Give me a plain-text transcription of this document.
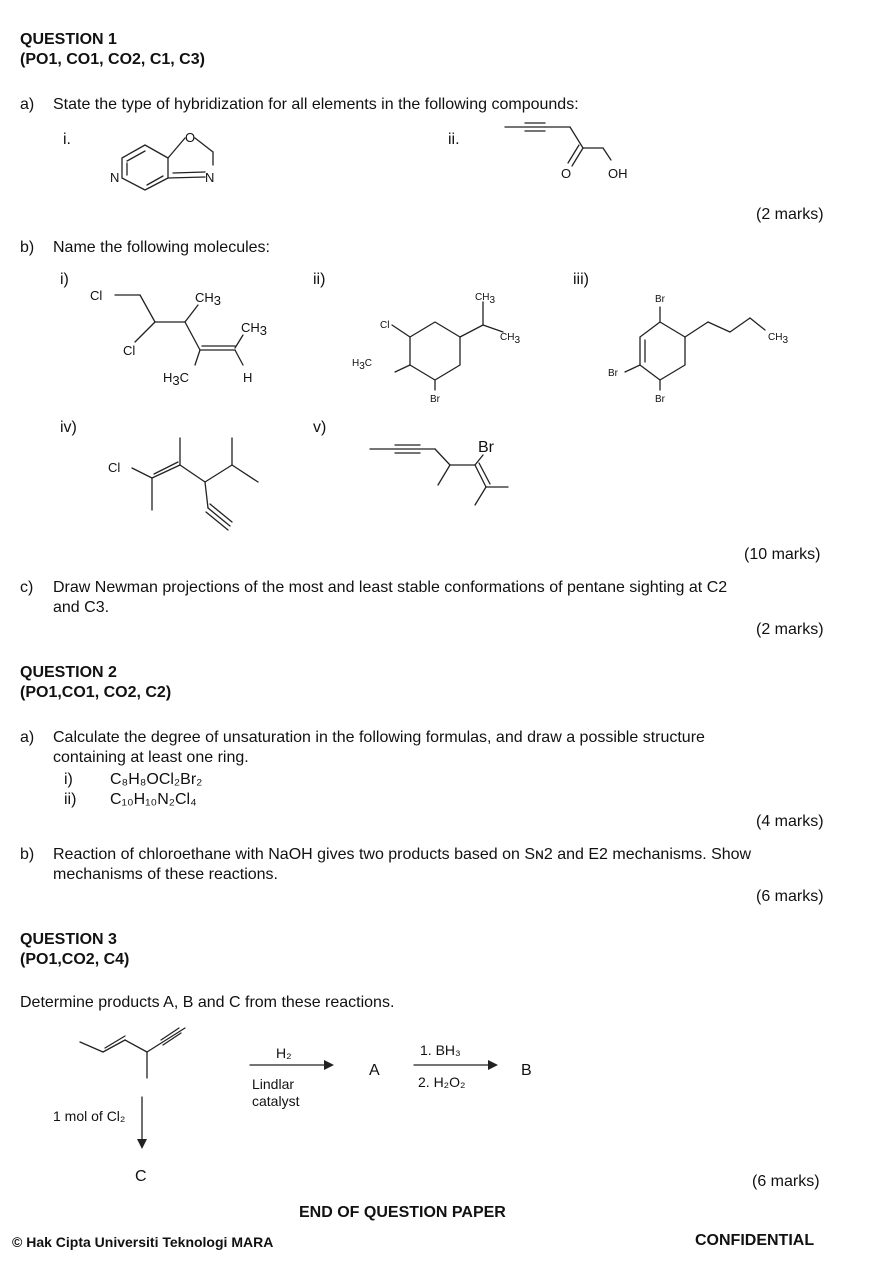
QUESTION 1
(PO1, CO1, CO2, C1, C3)
a) State the type of hybridization for all elements in the following compounds:
i.	ii.
O
N
N	O	OH
(2 marks)
b) Name the following molecules:
i)	ii)	iii)
Cl
Cl
CH3
CH3
H3C	H
Cl
CH3
CH3
H3C
Br
Br
CH3
Br
Br
iv)	v)
Cl
Br
(10 marks)
c) Draw Newman projections of the most and least stable conformations of pentane sighting at C2
and C3.
(2 marks)
QUESTION 2
(PO1,CO1, CO2, C2)
a) Calculate the degree of unsaturation in the following formulas, and draw a possible structure
containing at least one ring.
i) C₈H₈OCl₂Br₂
ii) C₁₀H₁₀N₂Cl₄
(4 marks)
b) Reaction of chloroethane with NaOH gives two products based on Sɴ2 and E2 mechanisms. Show
mechanisms of these reactions.
(6 marks)
QUESTION 3
(PO1,CO2, C4)
Determine products A, B and C from these reactions.
H₂
Lindlar
catalyst
A
1. BH₃
2. H₂O₂
B
1 mol of Cl₂
C	(6 marks)
END OF QUESTION PAPER
© Hak Cipta Universiti Teknologi MARA	CONFIDENTIAL
